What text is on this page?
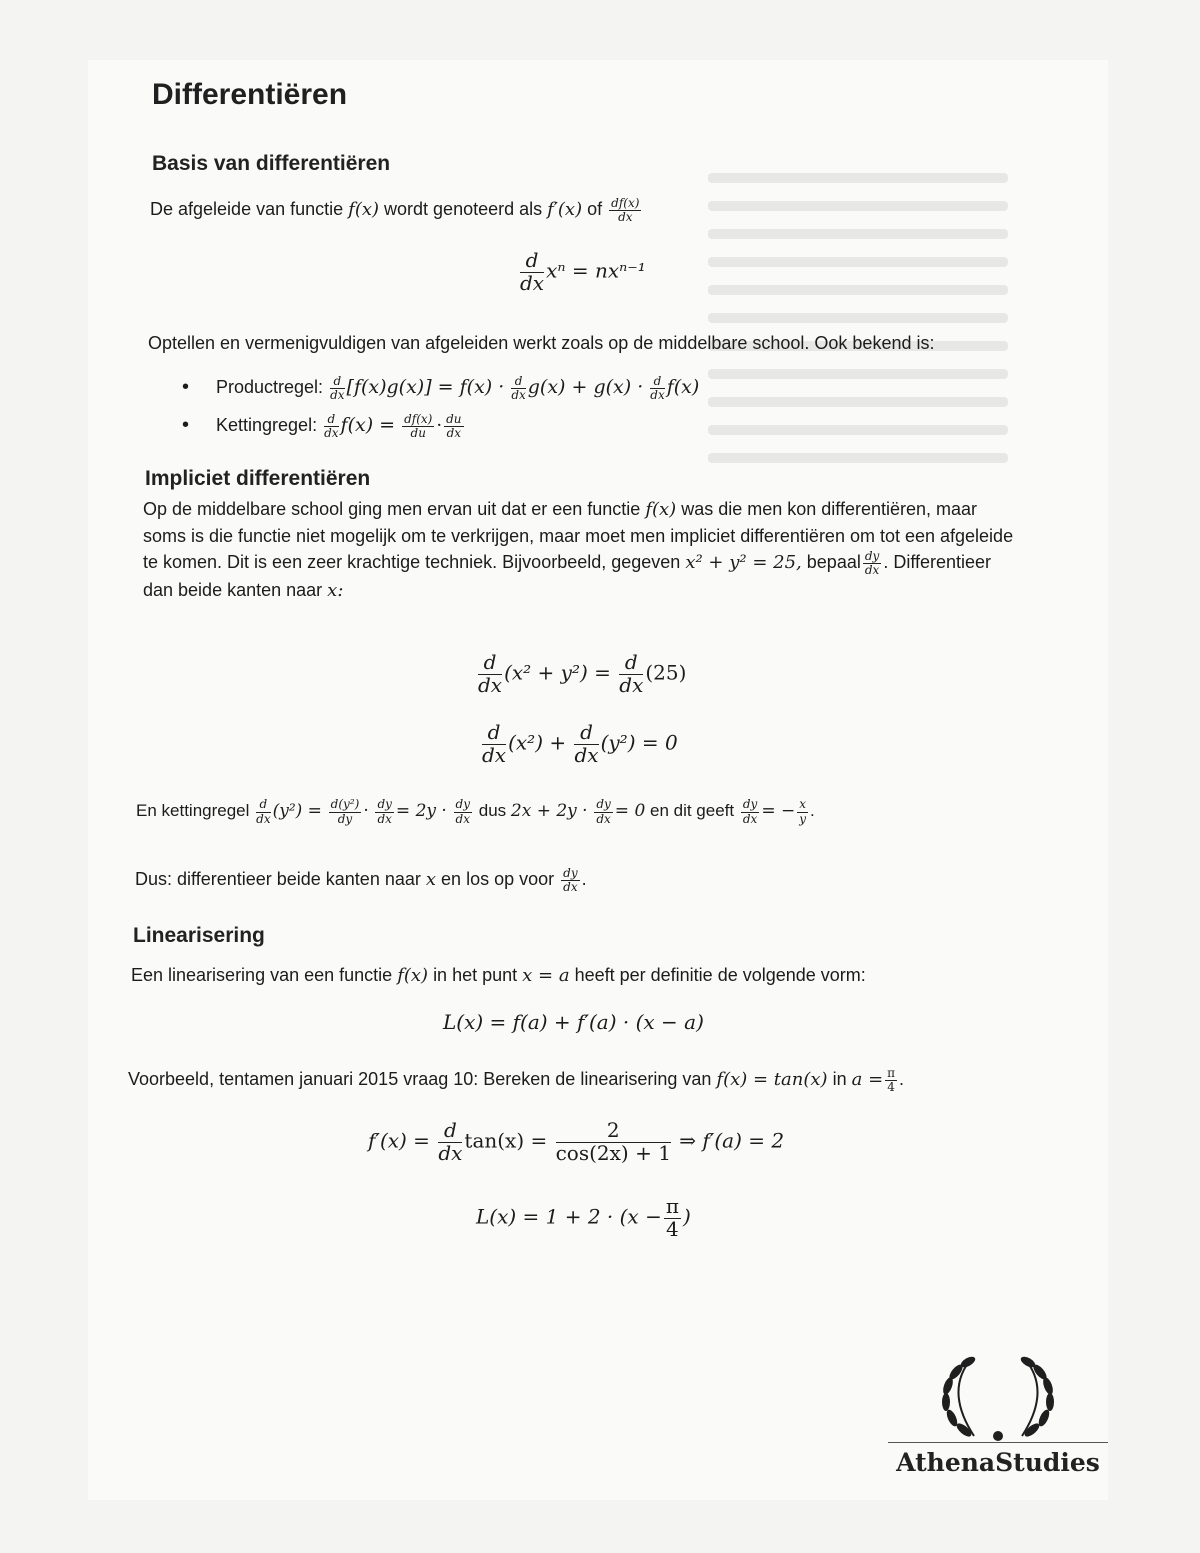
Differentiëren
Basis van differentiëren
De afgeleide van functie f(x) wordt genoteerd als f′(x) of $\frac{df(x)}{dx}$
$\frac{d}{dx}$ xⁿ = nxⁿ⁻¹
Optellen en vermenigvuldigen van afgeleiden werkt zoals op de middelbare school. Ook bekend is:
• Productregel: $\frac{d}{dx} [f(x)g(x)] = f(x) \cdot \frac{d}{dx} g(x) + g(x) \cdot \frac{d}{dx} f(x)$
• Kettingregel: $\frac{d}{dx} f(x) = \frac{df(x)}{du} \cdot \frac{du}{dx}$
Impliciet differentiëren
Op de middelbare school ging men ervan uit dat er een functie f(x) was die men kon differentiëren, maar soms is die functie niet mogelijk om te verkrijgen, maar moet men impliciet differentiëren om tot een afgeleide te komen. Dit is een zeer krachtige techniek. Bijvoorbeeld, gegeven x² + y² = 25, bepaal $\frac{dy}{dx}$ . Differentieer dan beide kanten naar x:
$\frac{d}{dx} (x^2 + y^2) = \frac{d}{dx} (25)$
$\frac{d}{dx} (x^2) + \frac{d}{dx} (y^2) = 0$
En kettingregel $\frac{d}{dx} (y^2) = \frac{\text{d(y²)}}{dy} \cdot \frac{dy}{dx} = 2y \cdot \frac{dy}{dx}$ dus $2x + 2y \cdot \frac{dy}{dx} = 0$ en dit geeft $\frac{dy}{dx}$ = − $\frac{x}{y}$ .
Dus: differentieer beide kanten naar x en los op voor $\frac{dy}{dx}$ .
Linearisering
Een linearisering van een functie f(x) in het punt x = a heeft per definitie de volgende vorm:
L(x) = f(a) + f′(a) · (x − a)
Voorbeeld, tentamen januari 2015 vraag 10: Bereken de linearisering van f(x) = tan(x) in $a = \frac{\pi}{4}$ .
$f'(x) = \frac{d}{dx} \tan(x) = \frac{2}{\cos(2x) + 1}$ ⇒ f′(a) = 2
$L(x) = 1 + 2 \cdot (x - \frac{\pi}{4}$ )
AthenaStudies
